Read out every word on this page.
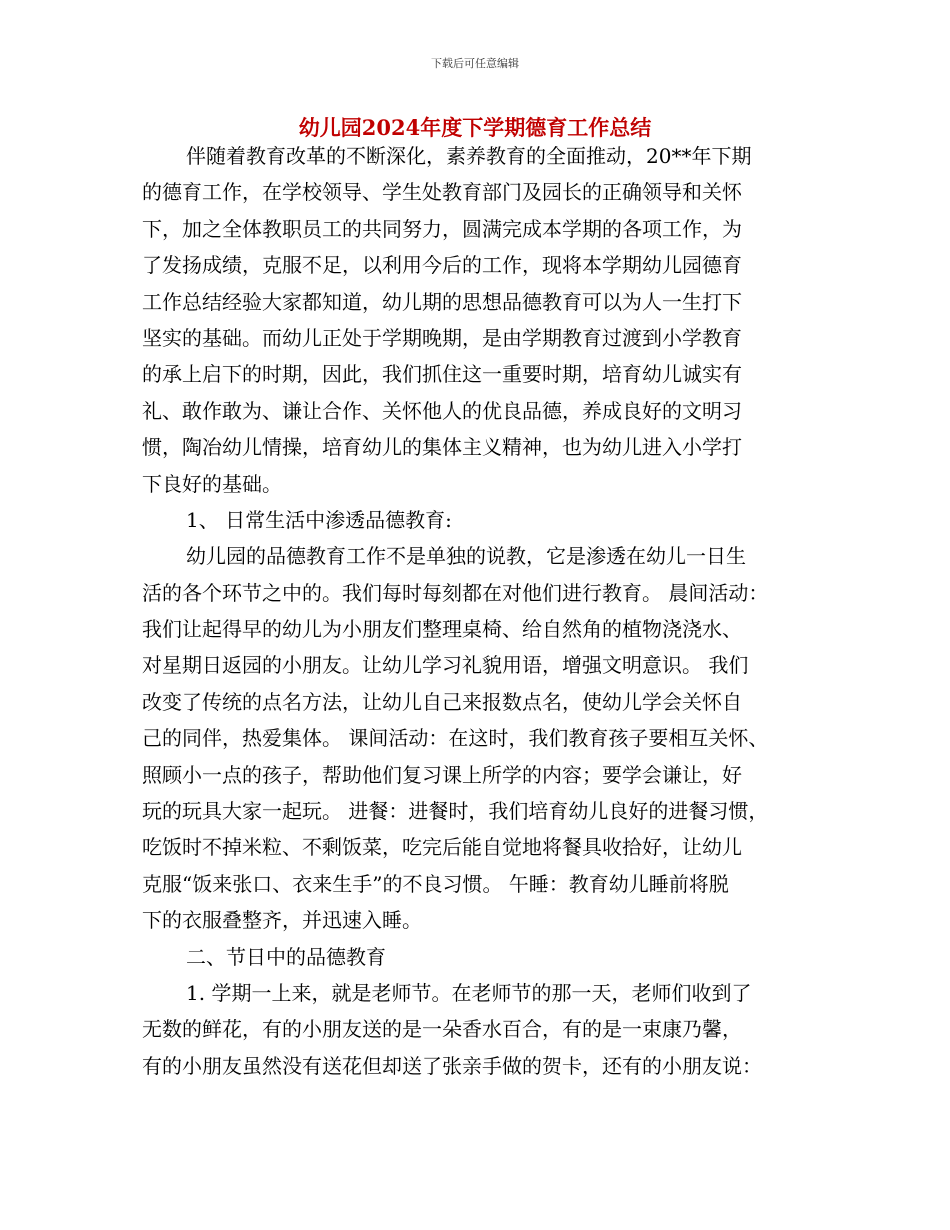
下载后可任意编辑
幼儿园2024年度下学期德育工作总结
伴随着教育改革的不断深化，素养教育的全面推动，20**年下期
的德育工作，在学校领导、学生处教育部门及园长的正确领导和关怀
下，加之全体教职员工的共同努力，圆满完成本学期的各项工作，为
了发扬成绩，克服不足，以利用今后的工作，现将本学期幼儿园德育
工作总结经验大家都知道，幼儿期的思想品德教育可以为人一生打下
坚实的基础。而幼儿正处于学期晚期，是由学期教育过渡到小学教育
的承上启下的时期，因此，我们抓住这一重要时期，培育幼儿诚实有
礼、敢作敢为、谦让合作、关怀他人的优良品德，养成良好的文明习
惯，陶冶幼儿情操，培育幼儿的集体主义精神，也为幼儿进入小学打
下良好的基础。
1、 日常生活中渗透品德教育:
幼儿园的品德教育工作不是单独的说教，它是渗透在幼儿一日生
活的各个环节之中的。我们每时每刻都在对他们进行教育。 晨间活动：
我们让起得早的幼儿为小朋友们整理桌椅、给自然角的植物浇浇水、
对星期日返园的小朋友。让幼儿学习礼貌用语，增强文明意识。 我们
改变了传统的点名方法，让幼儿自己来报数点名，使幼儿学会关怀自
己的同伴，热爱集体。 课间活动：在这时，我们教育孩子要相互关怀、
照顾小一点的孩子，帮助他们复习课上所学的内容；要学会谦让，好
玩的玩具大家一起玩。 进餐：进餐时，我们培育幼儿良好的进餐习惯，
吃饭时不掉米粒、不剩饭菜，吃完后能自觉地将餐具收拾好，让幼儿
克服“饭来张口、衣来生手”的不良习惯。 午睡：教育幼儿睡前将脱
下的衣服叠整齐，并迅速入睡。
二、节日中的品德教育
1. 学期一上来，就是老师节。在老师节的那一天，老师们收到了
无数的鲜花，有的小朋友送的是一朵香水百合，有的是一束康乃馨，
有的小朋友虽然没有送花但却送了张亲手做的贺卡，还有的小朋友说：
